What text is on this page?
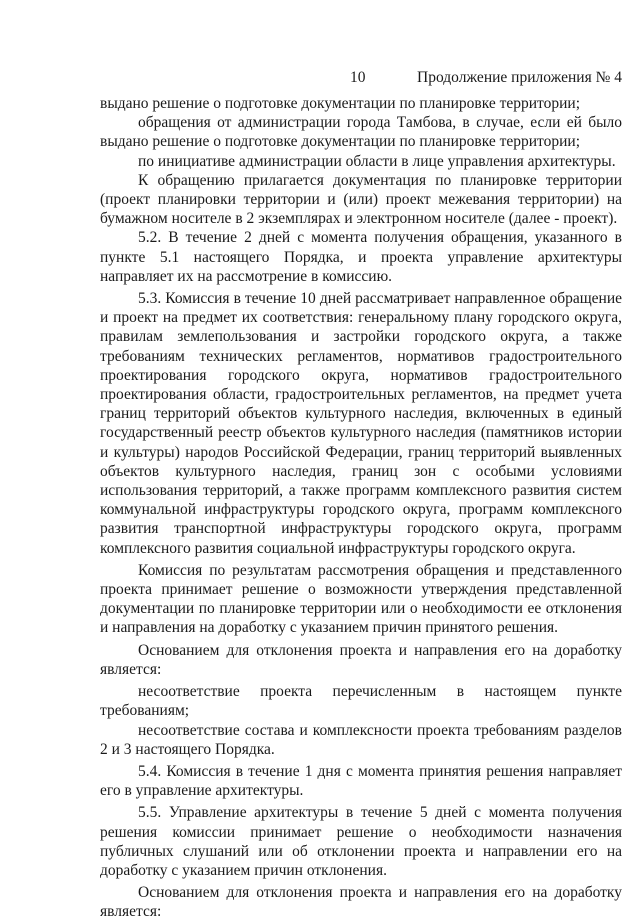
10	Продолжение приложения № 4

выдано решение о подготовке документации по планировке территории;

обращения от администрации города Тамбова, в случае, если ей было выдано решение о подготовке документации по планировке территории;

по инициативе администрации области в лице управления архитектуры.

К обращению прилагается документация по планировке территории (проект планировки территории и (или) проект межевания территории) на бумажном носителе в 2 экземплярах и электронном носителе (далее - проект).

5.2. В течение 2 дней с момента получения обращения, указанного в пункте 5.1 настоящего Порядка, и проекта управление архитектуры направляет их на рассмотрение в комиссию.

5.3. Комиссия в течение 10 дней рассматривает направленное обращение и проект на предмет их соответствия: генеральному плану городского округа, правилам землепользования и застройки городского округа, а также требованиям технических регламентов, нормативов градостроительного проектирования городского округа, нормативов градостроительного проектирования области, градостроительных регламентов, на предмет учета границ территорий объектов культурного наследия, включенных в единый государственный реестр объектов культурного наследия (памятников истории и культуры) народов Российской Федерации, границ территорий выявленных объектов культурного наследия, границ зон с особыми условиями использования территорий, а также программ комплексного развития систем коммунальной инфраструктуры городского округа, программ комплексного развития транспортной инфраструктуры городского округа, программ комплексного развития социальной инфраструктуры городского округа.

Комиссия по результатам рассмотрения обращения и представленного проекта принимает решение о возможности утверждения представленной документации по планировке территории или о необходимости ее отклонения и направления на доработку с указанием причин принятого решения.

Основанием для отклонения проекта и направления его на доработку является:

несоответствие проекта перечисленным в настоящем пункте требованиям;

несоответствие состава и комплексности проекта требованиям разделов 2 и 3 настоящего Порядка.

5.4. Комиссия в течение 1 дня с момента принятия решения направляет его в управление архитектуры.

5.5. Управление архитектуры в течение 5 дней с момента получения решения комиссии принимает решение о необходимости назначения публичных слушаний или об отклонении проекта и направлении его на доработку с указанием причин отклонения.

Основанием для отклонения проекта и направления его на доработку является:
